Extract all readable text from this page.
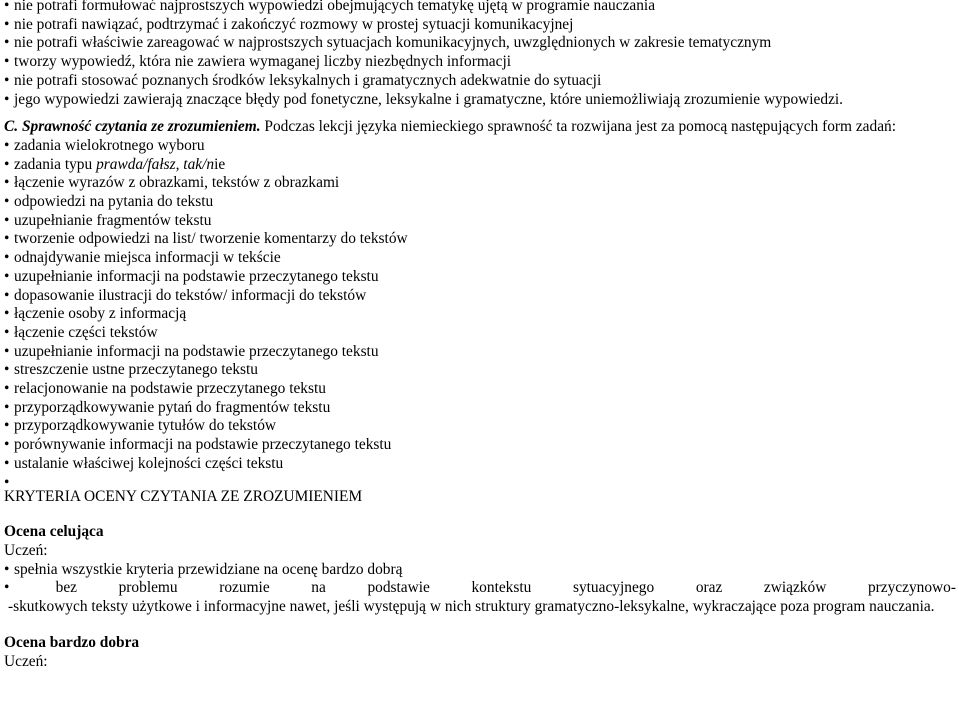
• nie potrafi formułować najprostszych wypowiedzi obejmujących tematykę ujętą w programie nauczania
• nie potrafi nawiązać, podtrzymać i zakończyć rozmowy w prostej sytuacji komunikacyjnej
• nie potrafi właściwie zareagować w najprostszych sytuacjach komunikacyjnych, uwzględnionych w zakresie tematycznym
• tworzy wypowiedź, która nie zawiera wymaganej liczby niezbędnych informacji
• nie potrafi stosować poznanych środków leksykalnych i gramatycznych adekwatnie do sytuacji
• jego wypowiedzi zawierają znaczące błędy pod fonetyczne, leksykalne i gramatyczne, które uniemożliwiają zrozumienie wypowiedzi.
C. Sprawność czytania ze zrozumieniem. Podczas lekcji języka niemieckiego sprawność ta rozwijana jest za pomocą następujących form zadań:
• zadania wielokrotnego wyboru
• zadania typu prawda/fałsz, tak/nie
• łączenie wyrazów z obrazkami, tekstów z obrazkami
• odpowiedzi na pytania do tekstu
• uzupełnianie fragmentów tekstu
• tworzenie odpowiedzi na list/ tworzenie komentarzy do tekstów
• odnajdywanie miejsca informacji w tekście
• uzupełnianie informacji na podstawie przeczytanego tekstu
• dopasowanie ilustracji do tekstów/ informacji do tekstów
• łączenie osoby z informacją
• łączenie części tekstów
• uzupełnianie informacji na podstawie przeczytanego tekstu
• streszczenie ustne przeczytanego tekstu
• relacjonowanie na podstawie przeczytanego tekstu
• przyporządkowywanie pytań do fragmentów tekstu
• przyporządkowywanie tytułów do tekstów
• porównywanie informacji na podstawie przeczytanego tekstu
• ustalanie właściwej kolejności części tekstu
•
KRYTERIA OCENY CZYTANIA ZE ZROZUMIENIEM
Ocena celująca
Uczeń:
• spełnia wszystkie kryteria przewidziane na ocenę bardzo dobrą
•	bez	problemu	rozumie	na	podstawie	kontekstu	sytuacyjnego	oraz	związków	przyczynowo-

-skutkowych teksty użytkowe i informacyjne nawet, jeśli występują w nich struktury gramatyczno-leksykalne, wykraczające poza program nauczania.

Ocena bardzo dobra
Uczeń:
